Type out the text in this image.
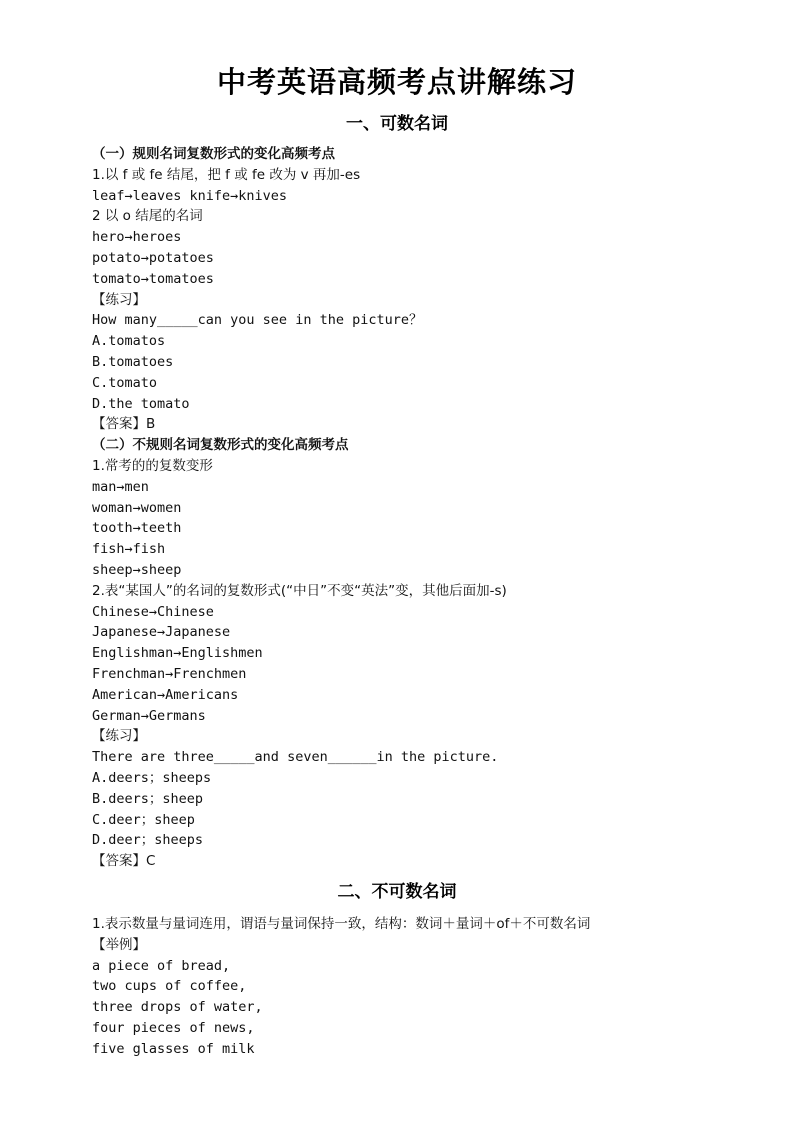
中考英语高频考点讲解练习
一、可数名词
（一）规则名词复数形式的变化高频考点
1.以 f 或 fe 结尾，把 f 或 fe 改为 v 再加-es
leaf→leaves knife→knives
2 以 o 结尾的名词
hero→heroes
potato→potatoes
tomato→tomatoes
【练习】
How many_____can you see in the picture？
A.tomatos
B.tomatoes
C.tomato
D.the tomato
【答案】B
（二）不规则名词复数形式的变化高频考点
1.常考的的复数变形
man→men
woman→women
tooth→teeth
fish→fish
sheep→sheep
2.表“某国人”的名词的复数形式(“中日”不变“英法”变，其他后面加-s)
Chinese→Chinese
Japanese→Japanese
Englishman→Englishmen
Frenchman→Frenchmen
American→Americans
German→Germans
【练习】
There are three_____and seven______in the picture.
A.deers；sheeps
B.deers；sheep
C.deer；sheep
D.deer；sheeps
【答案】C
二、不可数名词
1.表示数量与量词连用，谓语与量词保持一致，结构：数词＋量词＋of＋不可数名词
【举例】
a piece of bread,
two cups of coffee,
three drops of water,
four pieces of news,
five glasses of milk
